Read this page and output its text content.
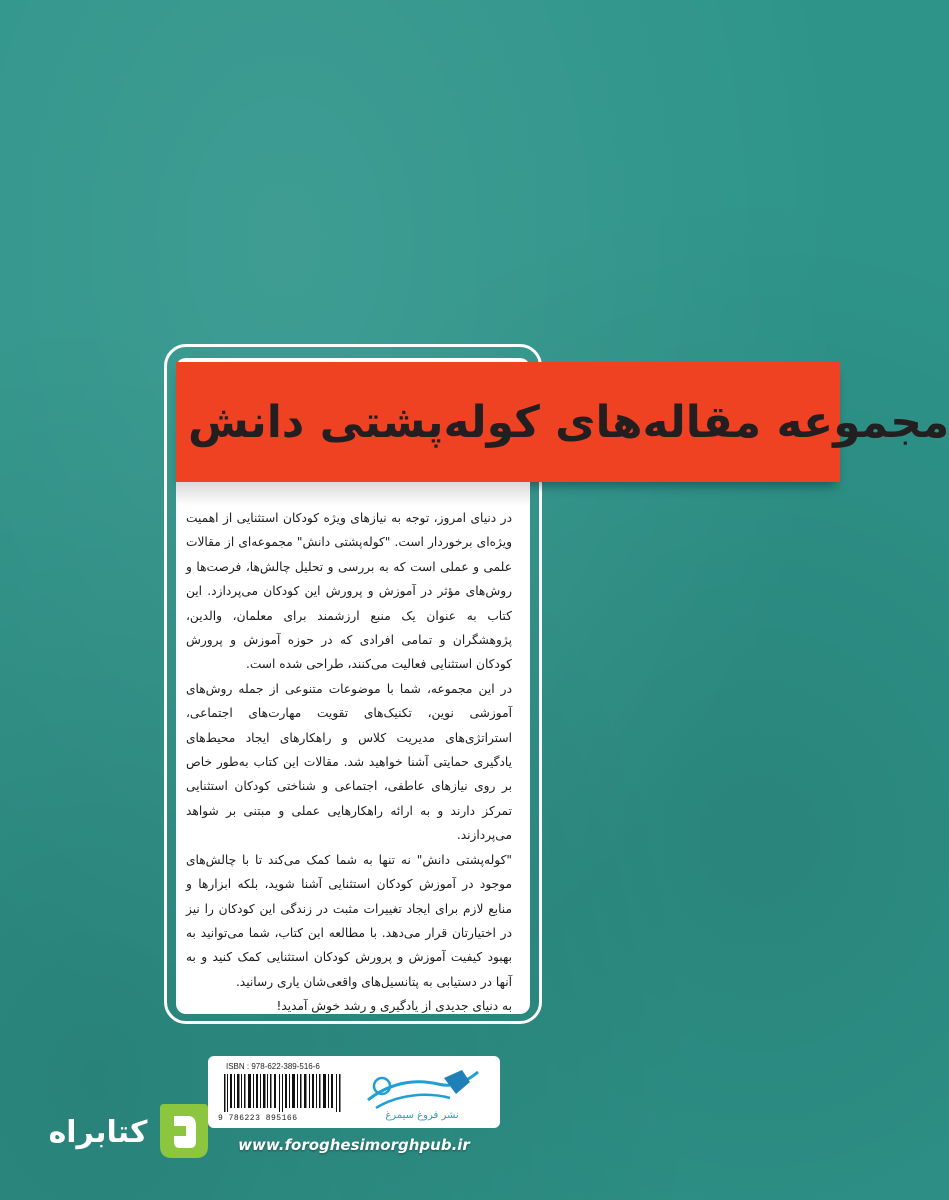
مجموعه مقاله‌های کوله‌پشتی دانش

در دنیای امروز، توجه به نیازهای ویژه کودکان استثنایی از اهمیت ویژه‌ای برخوردار است. "کوله‌پشتی دانش" مجموعه‌ای از مقالات علمی و عملی است که به بررسی و تحلیل چالش‌ها، فرصت‌ها و روش‌های مؤثر در آموزش و پرورش این کودکان می‌پردازد. این کتاب به عنوان یک منبع ارزشمند برای معلمان، والدین، پژوهشگران و تمامی افرادی که در حوزه آموزش و پرورش کودکان استثنایی فعالیت می‌کنند، طراحی شده است.

در این مجموعه، شما با موضوعات متنوعی از جمله روش‌های آموزشی نوین، تکنیک‌های تقویت مهارت‌های اجتماعی، استراتژی‌های مدیریت کلاس و راهکارهای ایجاد محیط‌های یادگیری حمایتی آشنا خواهید شد. مقالات این کتاب به‌طور خاص بر روی نیازهای عاطفی، اجتماعی و شناختی کودکان استثنایی تمرکز دارند و به ارائه راهکارهایی عملی و مبتنی بر شواهد می‌پردازند.

"کوله‌پشتی دانش" نه تنها به شما کمک می‌کند تا با چالش‌های موجود در آموزش کودکان استثنایی آشنا شوید، بلکه ابزارها و منابع لازم برای ایجاد تغییرات مثبت در زندگی این کودکان را نیز در اختیارتان قرار می‌دهد. با مطالعه این کتاب، شما می‌توانید به بهبود کیفیت آموزش و پرورش کودکان استثنایی کمک کنید و به آنها در دستیابی به پتانسیل‌های واقعی‌شان یاری رسانید.

به دنیای جدیدی از یادگیری و رشد خوش آمدید!

ISBN : 978-622-389-516-6
9 786223 895166	نشر فروغ سیمرغ
www.foroghesimorghpub.ir
کتابراه
